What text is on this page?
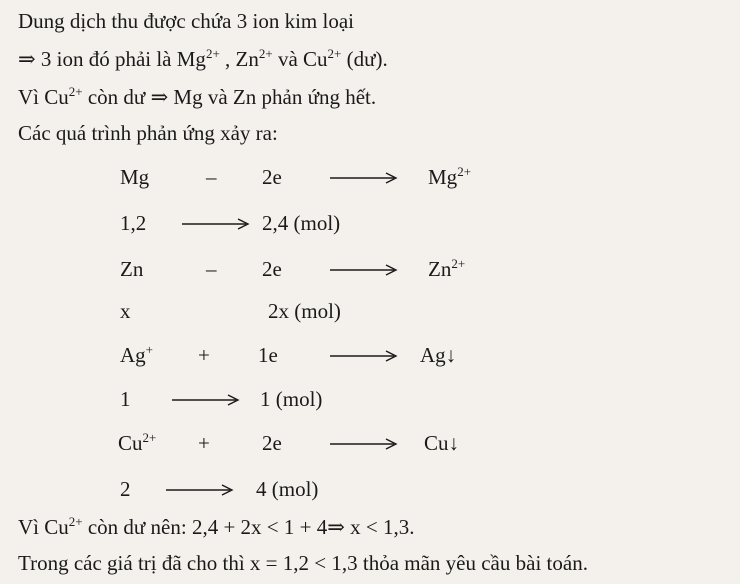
Dung dịch thu được chứa 3 ion kim loại
⇒ 3 ion đó phải là $Mg^{2+}$ , $Zn^{2+}$ và $Cu^{2+}$ (dư).
Vì $Cu^{2+}$ còn dư ⇒ Mg và Zn phản ứng hết.
Các quá trình phản ứng xảy ra:
Mg	– 2e	$Mg^{2+}$
1,2	2,4 (mol)
Zn	– 2e	$Zn^{2+}$
x	2x (mol)
Ag+ + 1e	Ag↓
1	1 (mol)
$Cu^{2+} + 2e$	Cu↓
2	4 (mol)
Vì $Cu^{2+}$ còn dư nên: 2,4 + 2x < 1 + 4⇒ x < 1,3.
Trong các giá trị đã cho thì x = 1,2 < 1,3 thỏa mãn yêu cầu bài toán.
